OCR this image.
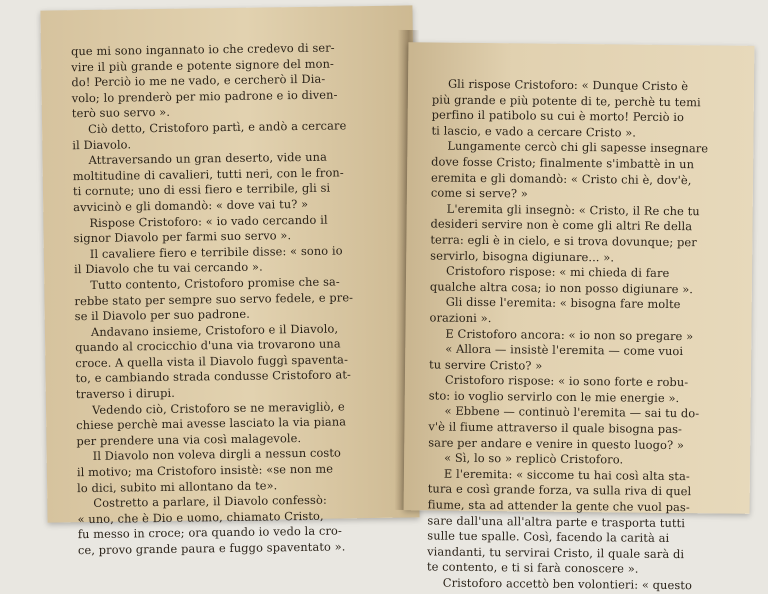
que mi sono ingannato io che credevo di ser-
vire il più grande e potente signore del mon-
do! Perciò io me ne vado, e cercherò il Dia-
volo; lo prenderò per mio padrone e io diven-
terò suo servo ».
Ciò detto, Cristoforo partì, e andò a cercare
il Diavolo.
Attraversando un gran deserto, vide una
moltitudine di cavalieri, tutti neri, con le fron-
ti cornute; uno di essi fiero e terribile, gli si
avvicinò e gli domandò: « dove vai tu? »
Rispose Cristoforo: « io vado cercando il
signor Diavolo per farmi suo servo ».
Il cavaliere fiero e terribile disse: « sono io
il Diavolo che tu vai cercando ».
Tutto contento, Cristoforo promise che sa-
rebbe stato per sempre suo servo fedele, e pre-
se il Diavolo per suo padrone.
Andavano insieme, Cristoforo e il Diavolo,
quando al crocicchio d'una via trovarono una
croce. A quella vista il Diavolo fuggì spaventa-
to, e cambiando strada condusse Cristoforo at-
traverso i dirupi.
Vedendo ciò, Cristoforo se ne meravigliò, e
chiese perchè mai avesse lasciato la via piana
per prendere una via così malagevole.
Il Diavolo non voleva dirgli a nessun costo
il motivo; ma Cristoforo insistè: «se non me
lo dici, subito mi allontano da te».
Costretto a parlare, il Diavolo confessò:
« uno, che è Dio e uomo, chiamato Cristo,
fu messo in croce; ora quando io vedo la cro-
ce, provo grande paura e fuggo spaventato ».
Gli rispose Cristoforo: « Dunque Cristo è
più grande e più potente di te, perchè tu temi
perfino il patibolo su cui è morto! Perciò io
ti lascio, e vado a cercare Cristo ».
Lungamente cercò chi gli sapesse insegnare
dove fosse Cristo; finalmente s'imbattè in un
eremita e gli domandò: « Cristo chi è, dov'è,
come si serve? »
L'eremita gli insegnò: « Cristo, il Re che tu
desideri servire non è come gli altri Re della
terra: egli è in cielo, e si trova dovunque; per
servirlo, bisogna digiunare... ».
Cristoforo rispose: « mi chieda di fare
qualche altra cosa; io non posso digiunare ».
Gli disse l'eremita: « bisogna fare molte
orazioni ».
E Cristoforo ancora: « io non so pregare »
« Allora — insistè l'eremita — come vuoi
tu servire Cristo? »
Cristoforo rispose: « io sono forte e robu-
sto: io voglio servirlo con le mie energie ».
« Ebbene — continuò l'eremita — sai tu do-
v'è il fiume attraverso il quale bisogna pas-
sare per andare e venire in questo luogo? »
« Sì, lo so » replicò Cristoforo.
E l'eremita: « siccome tu hai così alta sta-
tura e così grande forza, va sulla riva di quel
fiume, sta ad attender la gente che vuol pas-
sare dall'una all'altra parte e trasporta tutti
sulle tue spalle. Così, facendo la carità ai
viandanti, tu servirai Cristo, il quale sarà di
te contento, e ti si farà conoscere ».
Cristoforo accettò ben volontieri: « questo
